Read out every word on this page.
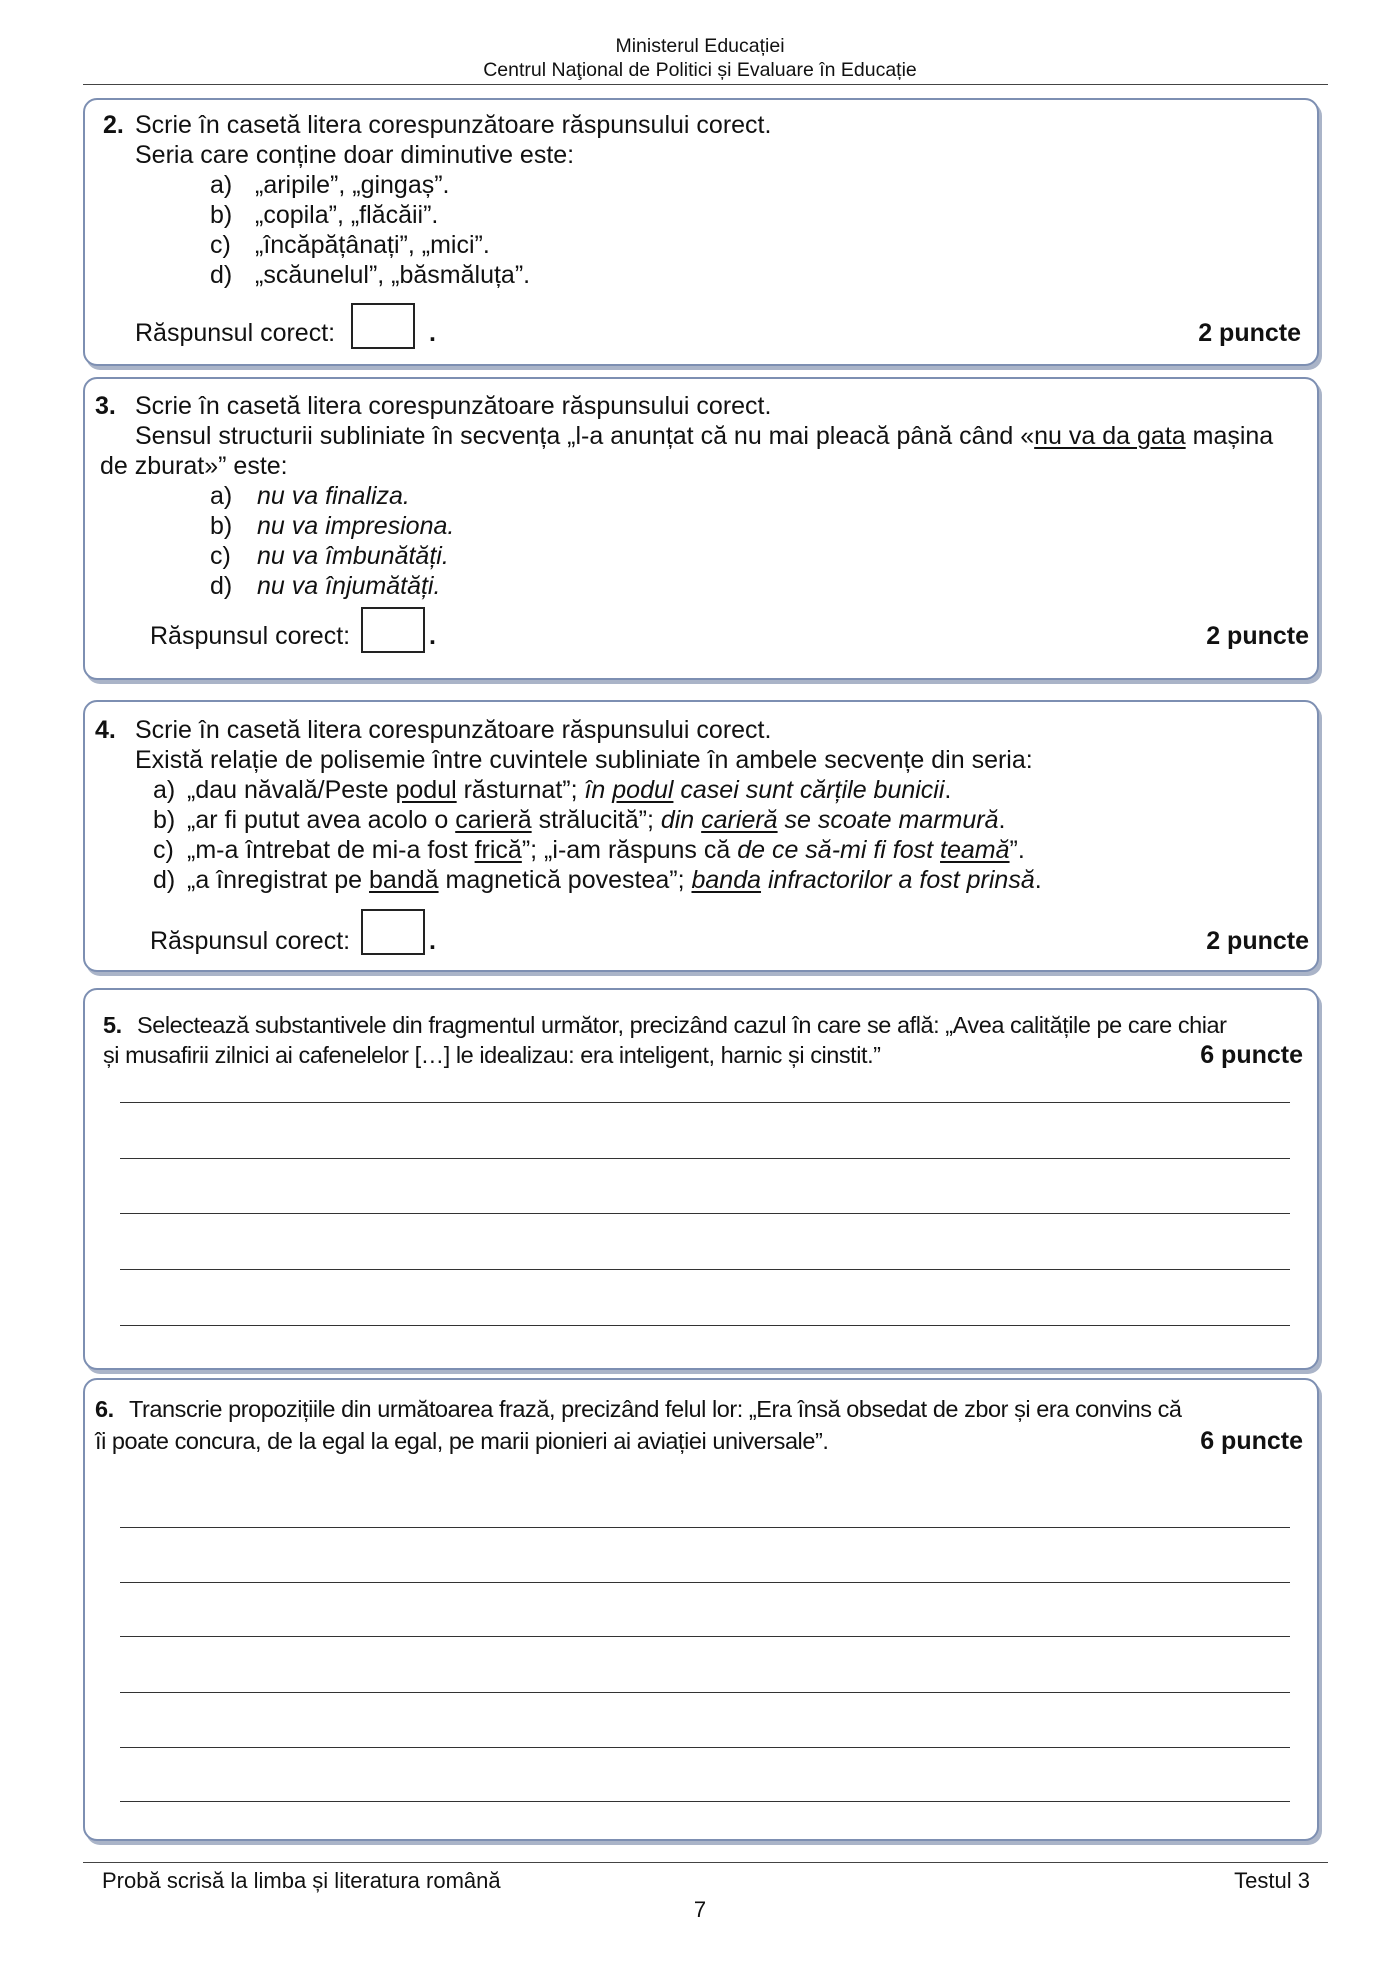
Ministerul Educației
Centrul Naţional de Politici și Evaluare în Educație
2. Scrie în casetă litera corespunzătoare răspunsului corect.
Seria care conține doar diminutive este:
a) „aripile”, „gingaș”.
b) „copila”, „flăcăii”.
c) „încăpățânați”, „mici”.
d) „scăunelul”, „băsmăluța”.
Răspunsul corect:	.	2 puncte
3. Scrie în casetă litera corespunzătoare răspunsului corect.
Sensul structurii subliniate în secvența „l-a anunțat că nu mai pleacă până când «nu va da gata mașina
de zburat»” este:
a) nu va finaliza.
b) nu va impresiona.
c) nu va îmbunătăți.
d) nu va înjumătăți.
Răspunsul corect:	.	2 puncte
4. Scrie în casetă litera corespunzătoare răspunsului corect.
Există relație de polisemie între cuvintele subliniate în ambele secvențe din seria:
a) „dau năvală/Peste podul răsturnat”; în podul casei sunt cărțile bunicii.
b) „ar fi putut avea acolo o carieră strălucită”; din carieră se scoate marmură.
c) „m-a întrebat de mi-a fost frică”; „i-am răspuns că de ce să-mi fi fost teamă”.
d) „a înregistrat pe bandă magnetică povestea”; banda infractorilor a fost prinsă.
Răspunsul corect:	.	2 puncte
5. Selectează substantivele din fragmentul următor, precizând cazul în care se află: „Avea calitățile pe care chiar
și musafirii zilnici ai cafenelelor […] le idealizau: era inteligent, harnic și cinstit.”	6 puncte
6. Transcrie propozițiile din următoarea frază, precizând felul lor: „Era însă obsedat de zbor și era convins că
îi poate concura, de la egal la egal, pe marii pionieri ai aviației universale”.	6 puncte
Probă scrisă la limba și literatura română	Testul 3
7
